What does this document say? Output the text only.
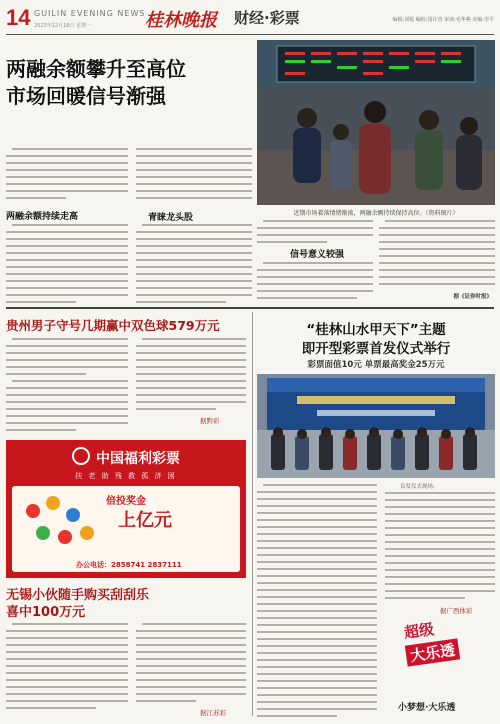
14 GUILIN EVENING NEWS
2023年12月18日 星期一	桂林晚报 财经·彩票	编辑:刘锐 编校:汤计青 审读:毛华燕 美编:李平
两融余额攀升至高位
市场回暖信号渐强
两融余额持续走高	青睐龙头股
信号意义较强
据《证券时报》
近期市场着落情绪渐浓，两融余额持续保持高位。（资料图片）
贵州男子守号几期赢中双色球579万元
据黔彩
中国福利彩票
扶 老 助 残 救 孤 济 困
倍投奖金
上亿元
办公电话：2858741 2837111
无锡小伙随手购买刮刮乐
喜中100万元
据江苏彩
“桂林山水甲天下”主题
即开型彩票首发仪式举行
彩票面值10元 单票最高奖金25万元
首发仪式现场。
据广西体彩
超级
大乐透
小梦想·大乐透
